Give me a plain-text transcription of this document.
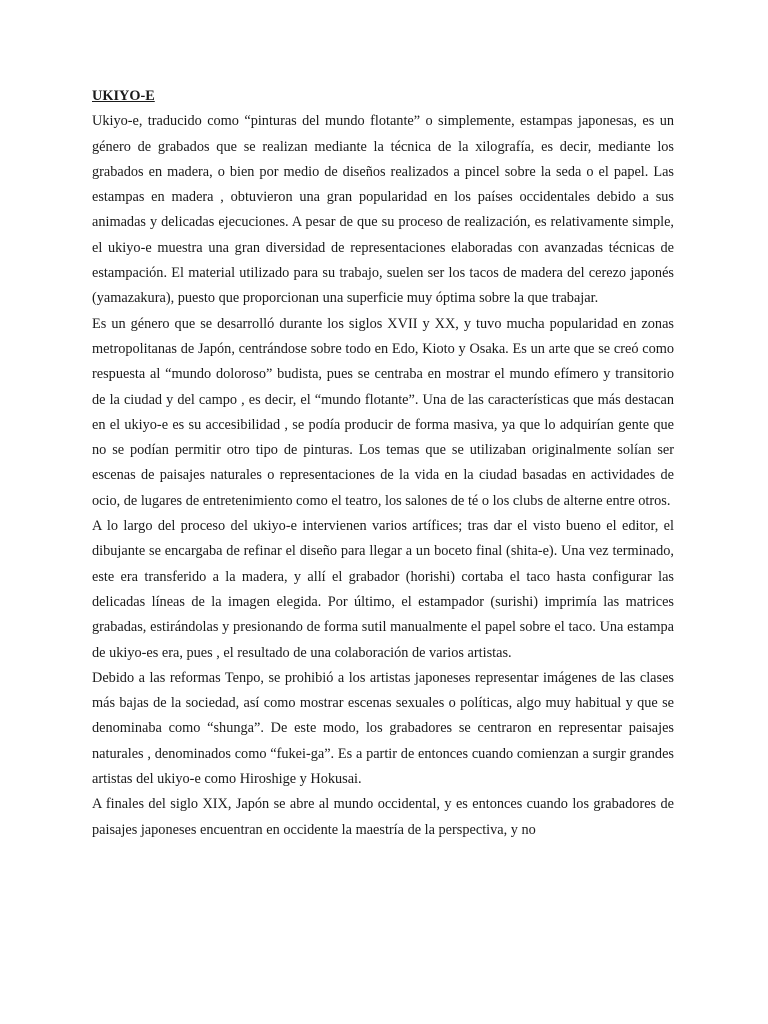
UKIYO-E

Ukiyo-e, traducido como “pinturas del mundo flotante” o simplemente, estampas japonesas, es un género de grabados que se realizan mediante la técnica de la xilografía, es decir, mediante los grabados en madera, o bien por medio de diseños realizados a pincel sobre la seda o el papel. Las estampas en madera , obtuvieron una gran popularidad en los países occidentales debido a sus animadas y delicadas ejecuciones. A pesar de que su proceso de realización, es relativamente simple, el ukiyo-e muestra una gran diversidad de representaciones elaboradas con avanzadas técnicas de estampación. El material utilizado para su trabajo, suelen ser los tacos de madera del cerezo japonés (yamazakura), puesto que proporcionan una superficie muy óptima sobre la que trabajar.

Es un género que se desarrolló durante los siglos XVII y XX, y tuvo mucha popularidad en zonas metropolitanas de Japón, centrándose sobre todo en Edo, Kioto y Osaka. Es un arte que se creó como respuesta al “mundo doloroso” budista, pues se centraba en mostrar el mundo efímero y transitorio de la ciudad y del campo , es decir, el “mundo flotante”. Una de las características que más destacan en el ukiyo-e es su accesibilidad , se podía producir de forma masiva, ya que lo adquirían gente que no se podían permitir otro tipo de pinturas. Los temas que se utilizaban originalmente solían ser escenas de paisajes naturales o representaciones de la vida en la ciudad basadas en actividades de ocio, de lugares de entretenimiento como el teatro, los salones de té o los clubs de alterne entre otros.

A lo largo del proceso del ukiyo-e intervienen varios artífices; tras dar el visto bueno el editor, el dibujante se encargaba de refinar el diseño para llegar a un boceto final (shita-e). Una vez terminado, este era transferido a la madera, y allí el grabador (horishi) cortaba el taco hasta configurar las delicadas líneas de la imagen elegida. Por último, el estampador (surishi) imprimía las matrices grabadas, estirándolas y presionando de forma sutil manualmente el papel sobre el taco. Una estampa de ukiyo-es era, pues , el resultado de una colaboración de varios artistas.

Debido a las reformas Tenpo, se prohibió a los artistas japoneses representar imágenes de las clases más bajas de la sociedad, así como mostrar escenas sexuales o políticas, algo muy habitual y que se denominaba como “shunga”. De este modo, los grabadores se centraron en representar paisajes naturales , denominados como “fukei-ga”. Es a partir de entonces cuando comienzan a surgir grandes artistas del ukiyo-e como Hiroshige y Hokusai.

A finales del siglo XIX, Japón se abre al mundo occidental, y es entonces cuando los grabadores de paisajes japoneses encuentran en occidente la maestría de la perspectiva, y no
